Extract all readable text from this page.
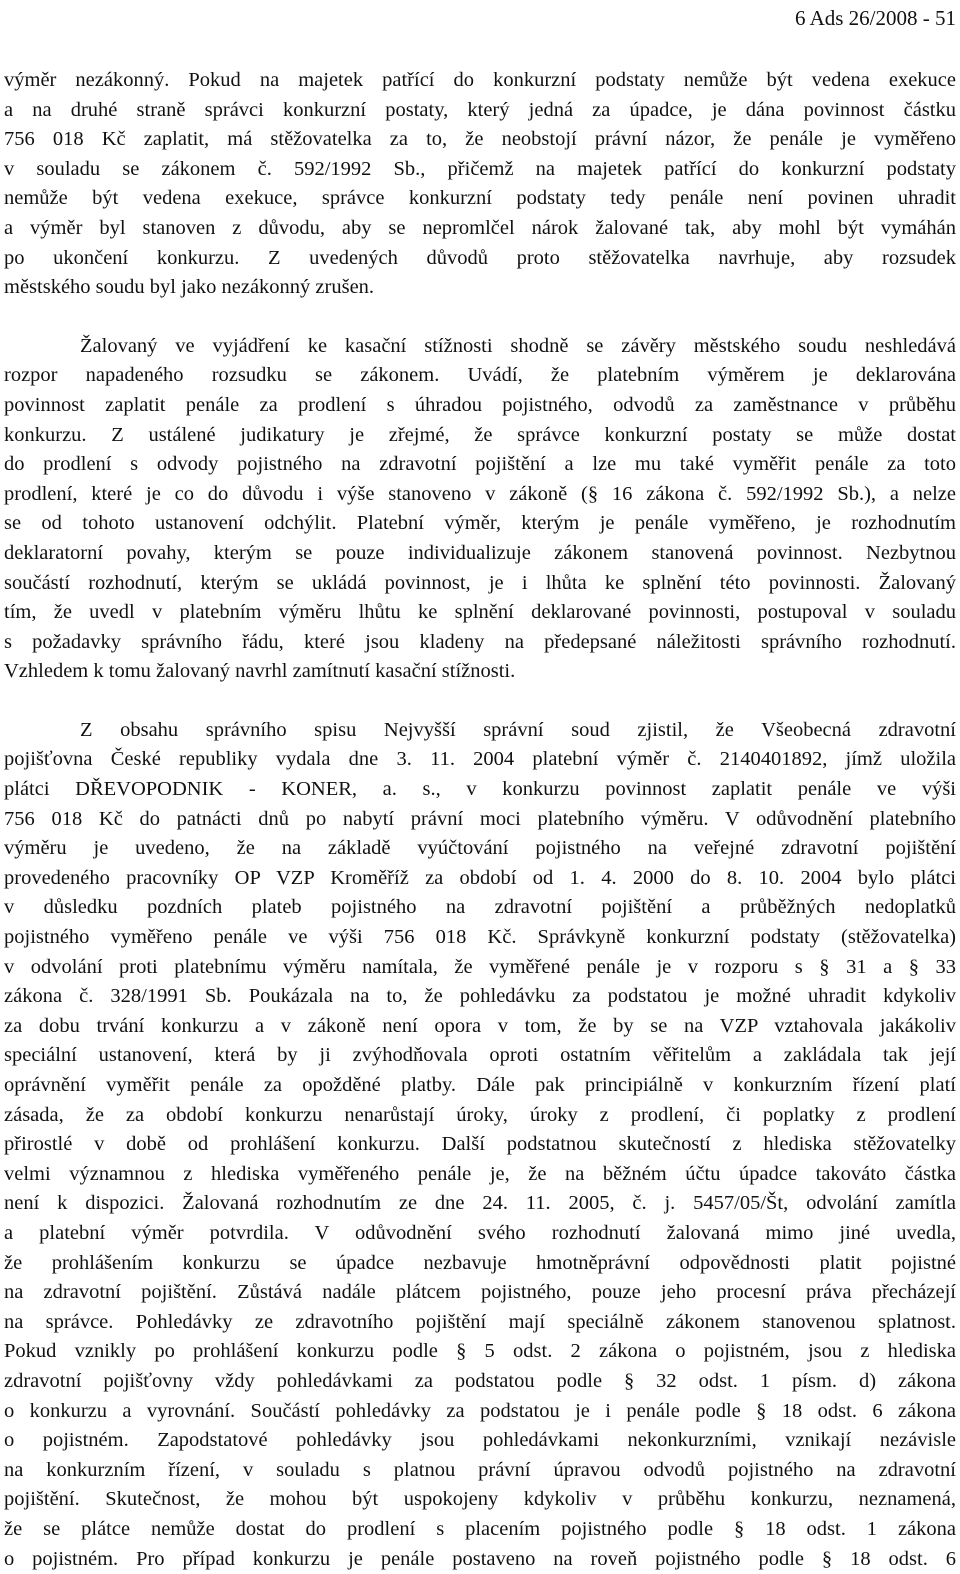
6 Ads 26/2008 - 51
výměr nezákonný. Pokud na majetek patřící do konkurzní podstaty nemůže být vedena exekuce
a na druhé straně správci konkurzní postaty, který jedná za úpadce, je dána povinnost částku
756 018 Kč zaplatit, má stěžovatelka za to, že neobstojí právní názor, že penále je vyměřeno
v souladu se zákonem č. 592/1992 Sb., přičemž na majetek patřící do konkurzní podstaty
nemůže být vedena exekuce, správce konkurzní podstaty tedy penále není povinen uhradit
a výměr byl stanoven z důvodu, aby se nepromlčel nárok žalované tak, aby mohl být vymáhán
po ukončení konkurzu. Z uvedených důvodů proto stěžovatelka navrhuje, aby rozsudek
městského soudu byl jako nezákonný zrušen.
Žalovaný ve vyjádření ke kasační stížnosti shodně se závěry městského soudu neshledává
rozpor napadeného rozsudku se zákonem. Uvádí, že platebním výměrem je deklarována
povinnost zaplatit penále za prodlení s úhradou pojistného, odvodů za zaměstnance v průběhu
konkurzu. Z ustálené judikatury je zřejmé, že správce konkurzní postaty se může dostat
do prodlení s odvody pojistného na zdravotní pojištění a lze mu také vyměřit penále za toto
prodlení, které je co do důvodu i výše stanoveno v zákoně (§ 16 zákona č. 592/1992 Sb.), a nelze
se od tohoto ustanovení odchýlit. Platební výměr, kterým je penále vyměřeno, je rozhodnutím
deklaratorní povahy, kterým se pouze individualizuje zákonem stanovená povinnost. Nezbytnou
součástí rozhodnutí, kterým se ukládá povinnost, je i lhůta ke splnění této povinnosti. Žalovaný
tím, že uvedl v platebním výměru lhůtu ke splnění deklarované povinnosti, postupoval v souladu
s požadavky správního řádu, které jsou kladeny na předepsané náležitosti správního rozhodnutí.
Vzhledem k tomu žalovaný navrhl zamítnutí kasační stížnosti.
Z obsahu správního spisu Nejvyšší správní soud zjistil, že Všeobecná zdravotní
pojišťovna České republiky vydala dne 3. 11. 2004 platební výměr č. 2140401892, jímž uložila
plátci DŘEVOPODNIK - KONER, a. s., v konkurzu povinnost zaplatit penále ve výši
756 018 Kč do patnácti dnů po nabytí právní moci platebního výměru. V odůvodnění platebního
výměru je uvedeno, že na základě vyúčtování pojistného na veřejné zdravotní pojištění
provedeného pracovníky OP VZP Kroměříž za období od 1. 4. 2000 do 8. 10. 2004 bylo plátci
v důsledku pozdních plateb pojistného na zdravotní pojištění a průběžných nedoplatků
pojistného vyměřeno penále ve výši 756 018 Kč. Správkyně konkurzní podstaty (stěžovatelka)
v odvolání proti platebnímu výměru namítala, že vyměřené penále je v rozporu s § 31 a § 33
zákona č. 328/1991 Sb. Poukázala na to, že pohledávku za podstatou je možné uhradit kdykoliv
za dobu trvání konkurzu a v zákoně není opora v tom, že by se na VZP vztahovala jakákoliv
speciální ustanovení, která by ji zvýhodňovala oproti ostatním věřitelům a zakládala tak její
oprávnění vyměřit penále za opožděné platby. Dále pak principiálně v konkurzním řízení platí
zásada, že za období konkurzu nenarůstají úroky, úroky z prodlení, či poplatky z prodlení
přirostlé v době od prohlášení konkurzu. Další podstatnou skutečností z hlediska stěžovatelky
velmi významnou z hlediska vyměřeného penále je, že na běžném účtu úpadce takováto částka
není k dispozici. Žalovaná rozhodnutím ze dne 24. 11. 2005, č. j. 5457/05/Št, odvolání zamítla
a platební výměr potvrdila. V odůvodnění svého rozhodnutí žalovaná mimo jiné uvedla,
že prohlášením konkurzu se úpadce nezbavuje hmotněprávní odpovědnosti platit pojistné
na zdravotní pojištění. Zůstává nadále plátcem pojistného, pouze jeho procesní práva přecházejí
na správce. Pohledávky ze zdravotního pojištění mají speciálně zákonem stanovenou splatnost.
Pokud vznikly po prohlášení konkurzu podle § 5 odst. 2 zákona o pojistném, jsou z hlediska
zdravotní pojišťovny vždy pohledávkami za podstatou podle § 32 odst. 1 písm. d) zákona
o konkurzu a vyrovnání. Součástí pohledávky za podstatou je i penále podle § 18 odst. 6 zákona
o pojistném. Zapodstatové pohledávky jsou pohledávkami nekonkurzními, vznikají nezávisle
na konkurzním řízení, v souladu s platnou právní úpravou odvodů pojistného na zdravotní
pojištění. Skutečnost, že mohou být uspokojeny kdykoliv v průběhu konkurzu, neznamená,
že se plátce nemůže dostat do prodlení s placením pojistného podle § 18 odst. 1 zákona
o pojistném. Pro případ konkurzu je penále postaveno na roveň pojistného podle § 18 odst. 6
